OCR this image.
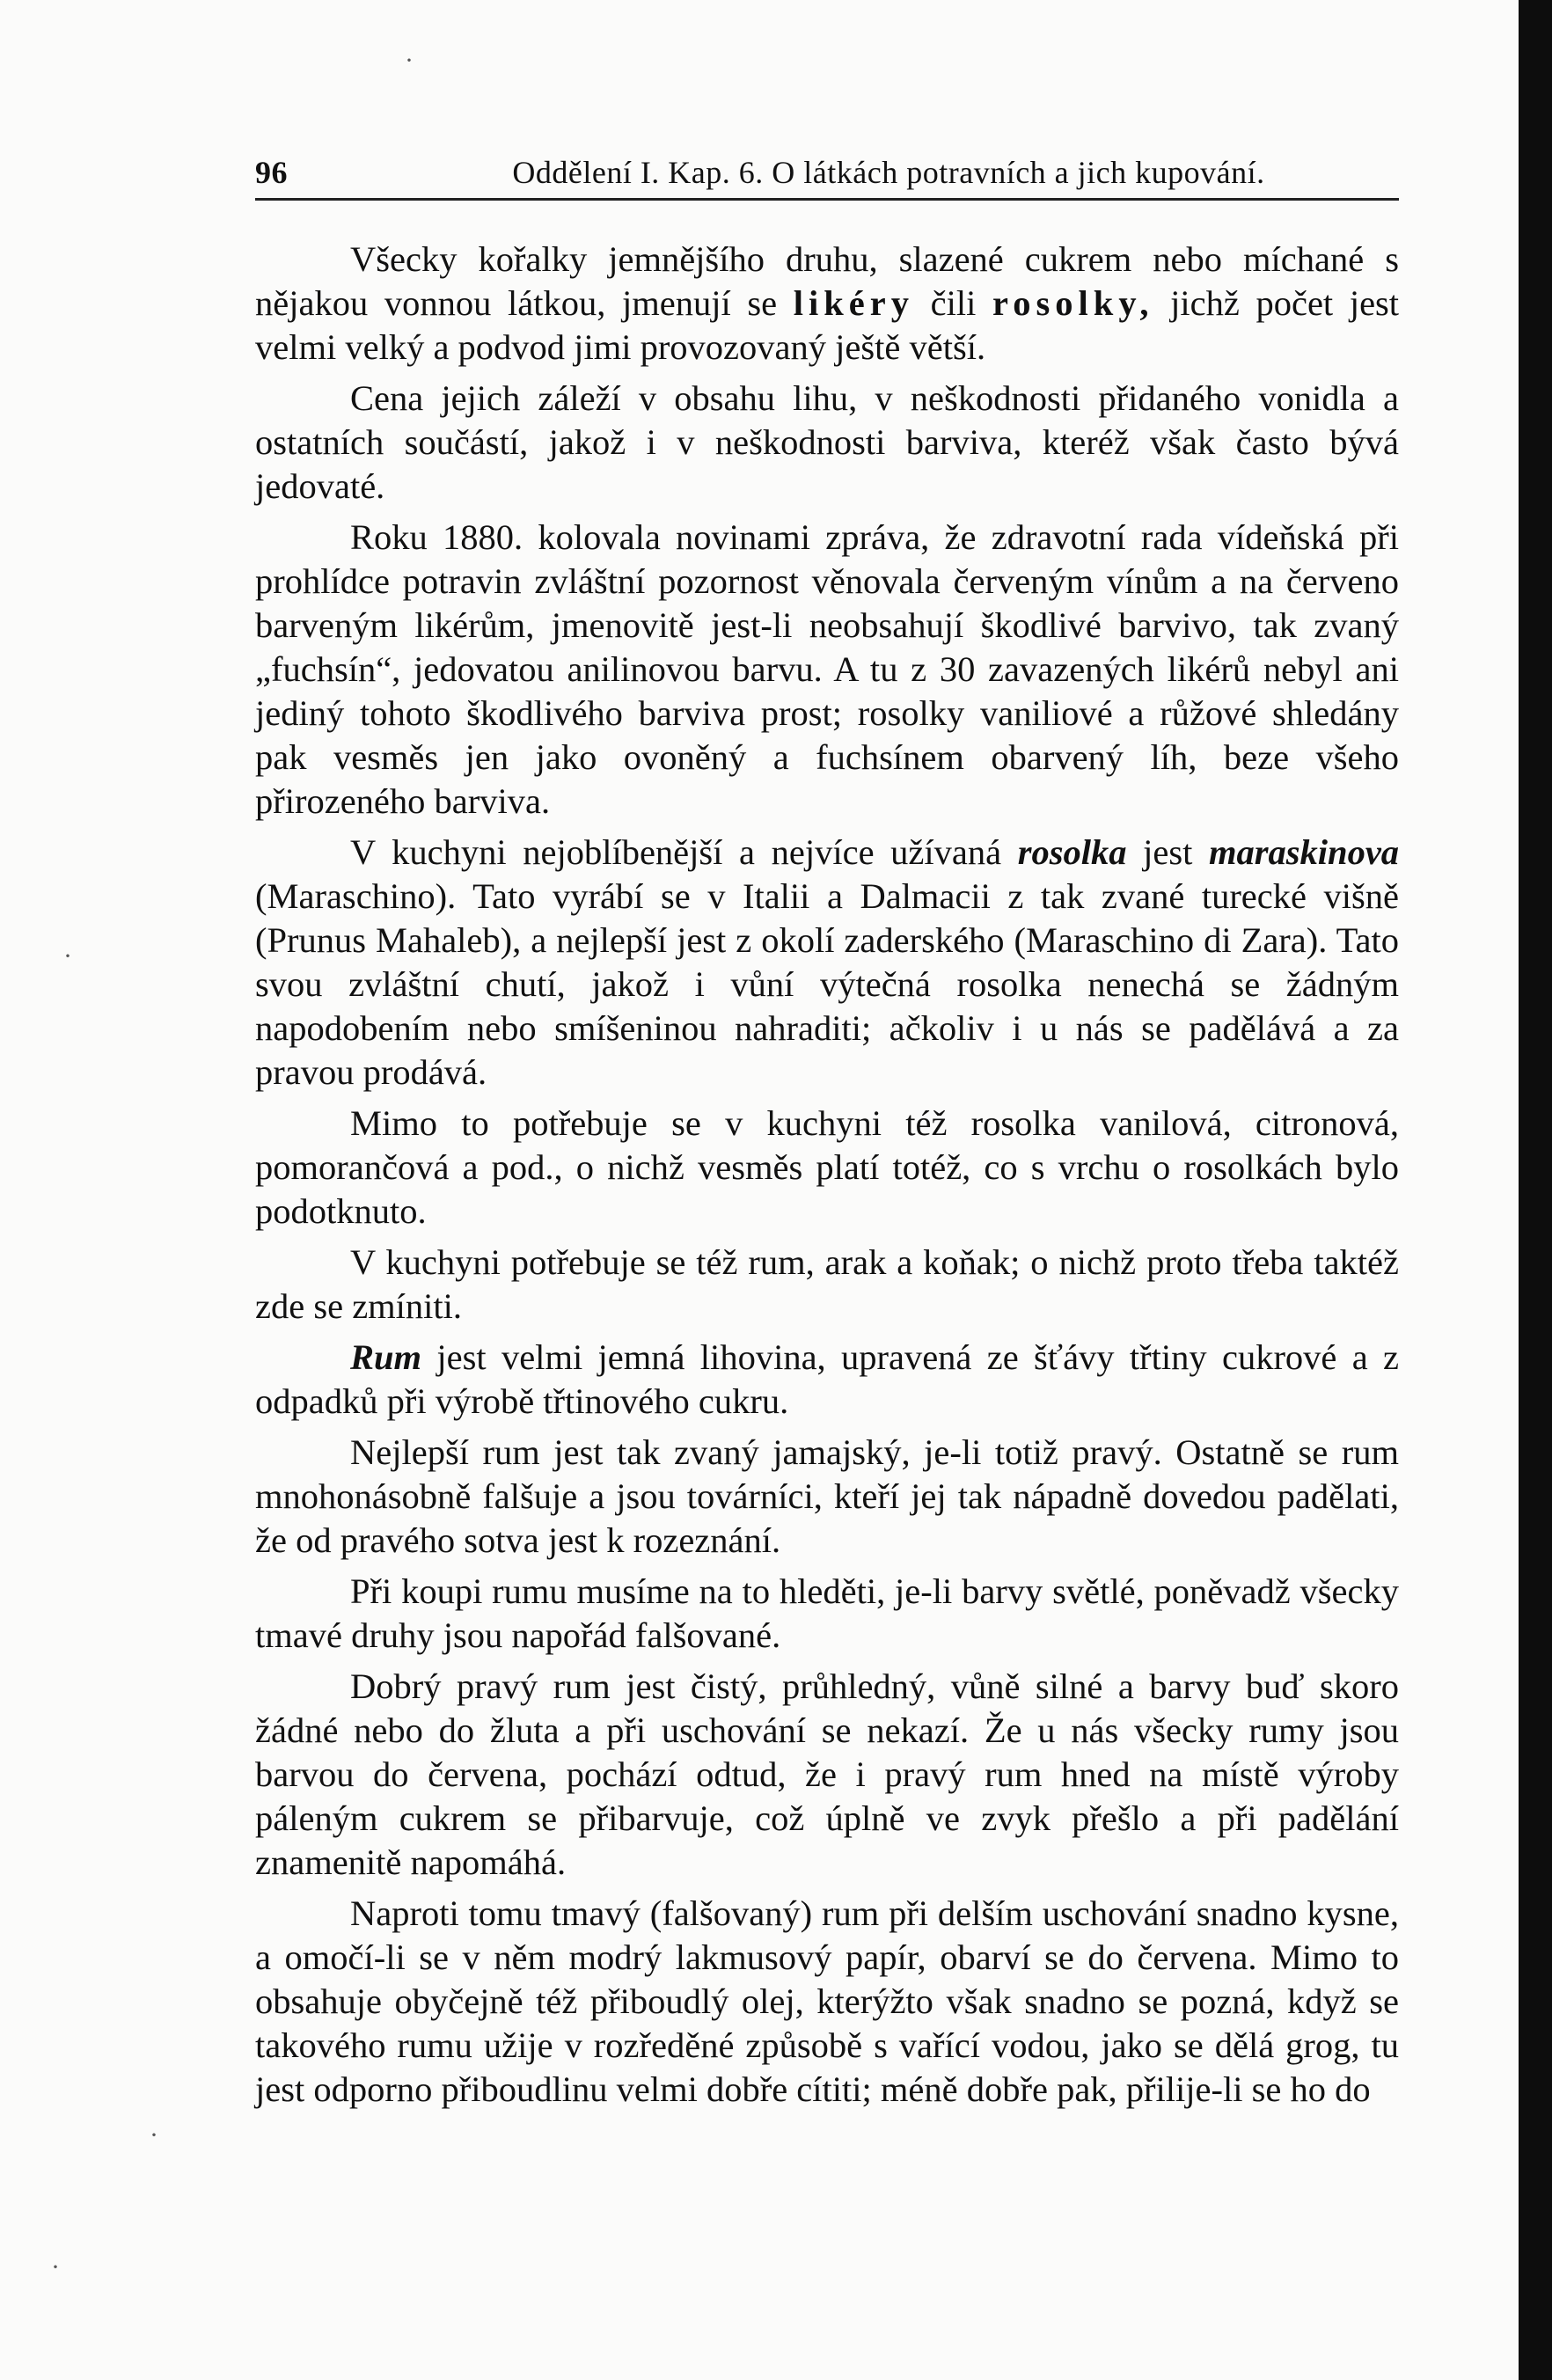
96	Oddělení I. Kap. 6. O látkách potravních a jich kupování.

Všecky kořalky jemnějšího druhu, slazené cukrem nebo míchané s nějakou vonnou látkou, jmenují se likéry čili rosolky, jichž počet jest velmi velký a podvod jimi provozovaný ještě větší.

Cena jejich záleží v obsahu lihu, v neškodnosti přidaného vonidla a ostatních součástí, jakož i v neškodnosti barviva, kteréž však často bývá jedovaté.

Roku 1880. kolovala novinami zpráva, že zdravotní rada vídeňská při prohlídce potravin zvláštní pozornost věnovala červeným vínům a na červeno barveným likérům, jmenovitě jest-li neobsahují škodlivé barvivo, tak zvaný „fuchsín“, jedovatou anilinovou barvu. A tu z 30 zavazených likérů nebyl ani jediný tohoto škodlivého barviva prost; rosolky vaniliové a růžové shledány pak vesměs jen jako ovoněný a fuchsínem obarvený líh, beze všeho přirozeného barviva.

V kuchyni nejoblíbenější a nejvíce užívaná rosolka jest maraskinova (Maraschino). Tato vyrábí se v Italii a Dalmacii z tak zvané turecké višně (Prunus Mahaleb), a nejlepší jest z okolí zaderského (Maraschino di Zara). Tato svou zvláštní chutí, jakož i vůní výtečná rosolka nenechá se žádným napodobením nebo smíšeninou nahraditi; ačkoliv i u nás se padělává a za pravou prodává.

Mimo to potřebuje se v kuchyni též rosolka vanilová, citronová, pomorančová a pod., o nichž vesměs platí totéž, co s vrchu o rosolkách bylo podotknuto.

V kuchyni potřebuje se též rum, arak a koňak; o nichž proto třeba taktéž zde se zmíniti.

Rum jest velmi jemná lihovina, upravená ze šťávy třtiny cukrové a z odpadků při výrobě třtinového cukru.

Nejlepší rum jest tak zvaný jamajský, je-li totiž pravý. Ostatně se rum mnohonásobně falšuje a jsou továrníci, kteří jej tak nápadně dovedou padělati, že od pravého sotva jest k rozeznání.

Při koupi rumu musíme na to hleděti, je-li barvy světlé, poněvadž všecky tmavé druhy jsou napořád falšované.

Dobrý pravý rum jest čistý, průhledný, vůně silné a barvy buď skoro žádné nebo do žluta a při uschování se nekazí. Že u nás všecky rumy jsou barvou do červena, pochází odtud, že i pravý rum hned na místě výroby páleným cukrem se přibarvuje, což úplně ve zvyk přešlo a při padělání znamenitě napomáhá.

Naproti tomu tmavý (falšovaný) rum při delším uschování snadno kysne, a omočí-li se v něm modrý lakmusový papír, obarví se do červena. Mimo to obsahuje obyčejně též přiboudlý olej, kterýžto však snadno se pozná, když se takového rumu užije v rozředěné způsobě s vařící vodou, jako se dělá grog, tu jest odporno přiboudlinu velmi dobře cítiti; méně dobře pak, přilije-li se ho do

·
·
·
·
